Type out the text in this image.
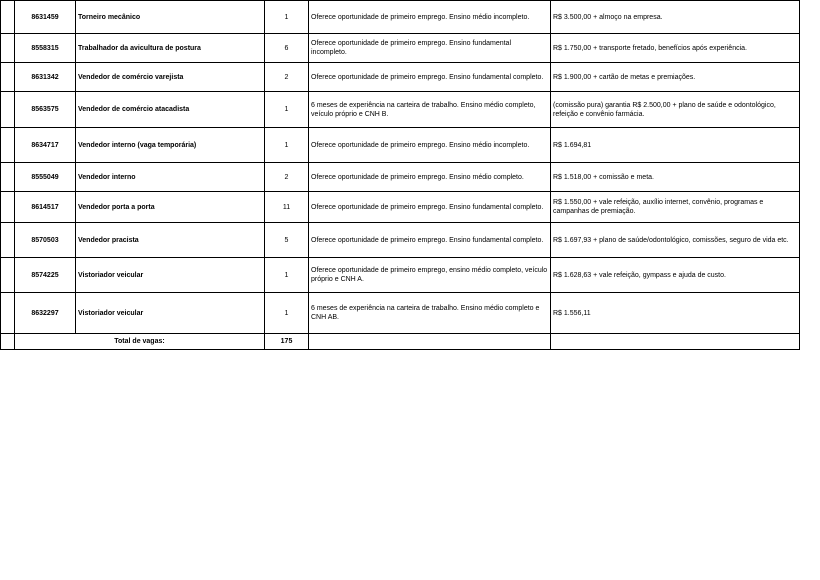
	8631459	Torneiro mecânico	1	Oferece oportunidade de primeiro emprego. Ensino médio incompleto.	R$ 3.500,00 + almoço na empresa.
	8558315	Trabalhador da avicultura de postura	6	Oferece oportunidade de primeiro emprego. Ensino fundamental incompleto.	R$ 1.750,00 + transporte fretado, benefícios após experiência.
	8631342	Vendedor de comércio varejista	2	Oferece oportunidade de primeiro emprego. Ensino fundamental completo.	R$ 1.900,00 + cartão de metas e premiações.
	8563575	Vendedor de comércio atacadista	1	6 meses de experiência na carteira de trabalho. Ensino médio completo, veículo próprio e CNH B.	(comissão pura) garantia R$ 2.500,00 + plano de saúde e odontológico, refeição e convênio farmácia.
	8634717	Vendedor interno (vaga temporária)	1	Oferece oportunidade de primeiro emprego. Ensino médio incompleto.	R$ 1.694,81
	8555049	Vendedor interno	2	Oferece oportunidade de primeiro emprego. Ensino médio completo.	R$ 1.518,00 + comissão e meta.
	8614517	Vendedor porta a porta	11	Oferece oportunidade de primeiro emprego. Ensino fundamental completo.	R$ 1.550,00 + vale refeição, auxílio internet, convênio, programas e campanhas de premiação.
	8570503	Vendedor pracista	5	Oferece oportunidade de primeiro emprego. Ensino fundamental completo.	R$ 1.697,93 + plano de saúde/odontológico, comissões, seguro de vida etc.
	8574225	Vistoriador veicular	1	Oferece oportunidade de primeiro emprego, ensino médio completo, veículo próprio e CNH A.	R$ 1.628,63 + vale refeição, gympass e ajuda de custo.
	8632297	Vistoriador veicular	1	6 meses de experiência na carteira de trabalho. Ensino médio completo e CNH AB.	R$ 1.556,11
	Total de vagas:		175		
